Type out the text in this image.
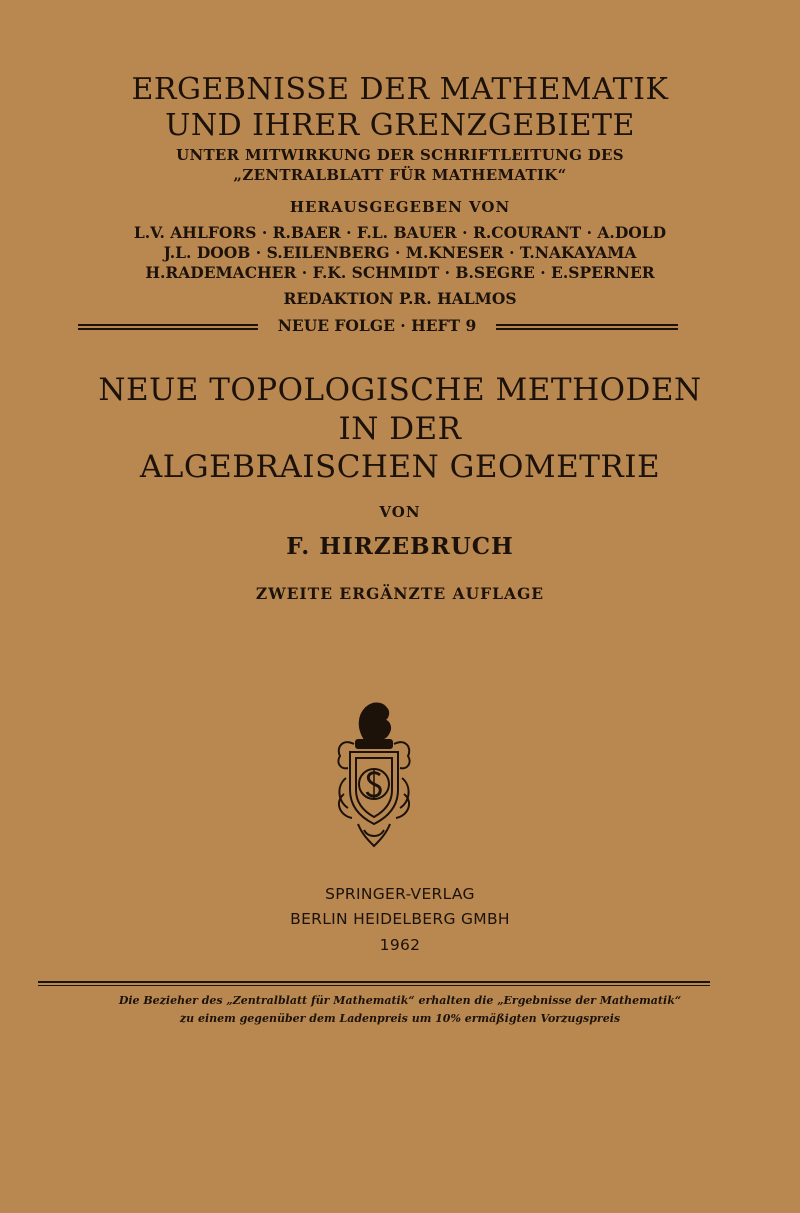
ERGEBNISSE DER MATHEMATIK
UND IHRER GRENZGEBIETE
UNTER MITWIRKUNG DER SCHRIFTLEITUNG DES
„ZENTRALBLATT FÜR MATHEMATIK“
HERAUSGEGEBEN VON
L.V. AHLFORS · R.BAER · F.L. BAUER · R.COURANT · A.DOLD
J.L. DOOB · S.EILENBERG · M.KNESER · T.NAKAYAMA
H.RADEMACHER · F.K. SCHMIDT · B.SEGRE · E.SPERNER
REDAKTION P.R. HALMOS
NEUE FOLGE · HEFT 9
NEUE TOPOLOGISCHE METHODEN
IN DER
ALGEBRAISCHEN GEOMETRIE
VON
F. HIRZEBRUCH
ZWEITE ERGÄNZTE AUFLAGE
SPRINGER-VERLAG
BERLIN HEIDELBERG GMBH
1962
Die Bezieher des „Zentralblatt für Mathematik“ erhalten die „Ergebnisse der Mathematik“
zu einem gegenüber dem Ladenpreis um 10% ermäßigten Vorzugspreis
